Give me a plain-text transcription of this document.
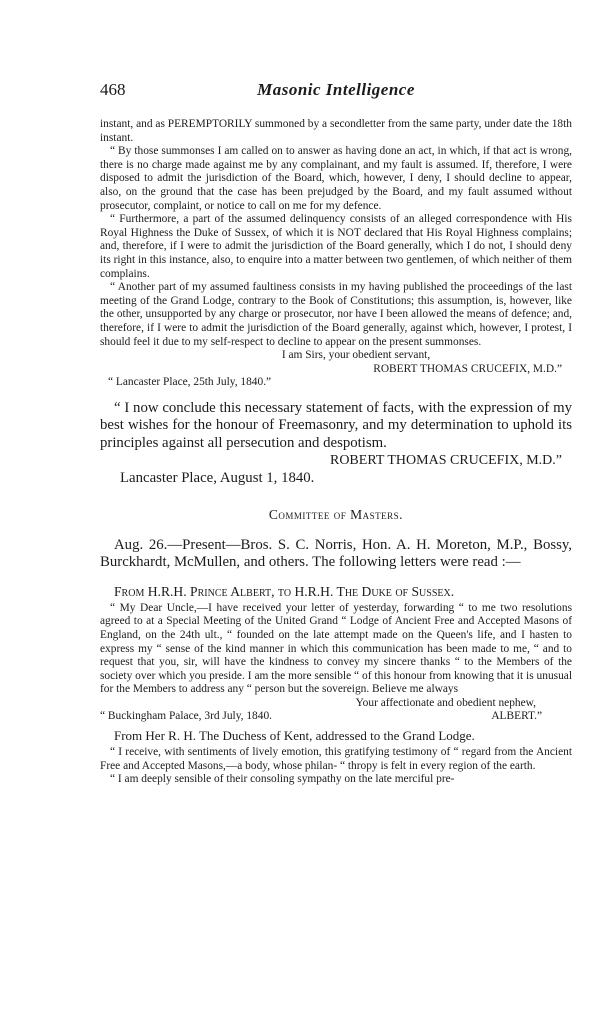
468	Masonic Intelligence

instant, and as PEREMPTORILY summoned by a secondletter from the same party, under date the 18th instant.

“ By those summonses I am called on to answer as having done an act, in which, if that act is wrong, there is no charge made against me by any complainant, and my fault is assumed. If, therefore, I were disposed to admit the jurisdiction of the Board, which, however, I deny, I should decline to appear, also, on the ground that the case has been prejudged by the Board, and my fault assumed without prosecutor, complaint, or notice to call on me for my defence.

“ Furthermore, a part of the assumed delinquency consists of an alleged correspondence with His Royal Highness the Duke of Sussex, of which it is NOT declared that His Royal Highness complains; and, therefore, if I were to admit the jurisdiction of the Board generally, which I do not, I should deny its right in this instance, also, to enquire into a matter between two gentlemen, of which neither of them complains.

“ Another part of my assumed faultiness consists in my having published the proceedings of the last meeting of the Grand Lodge, contrary to the Book of Constitutions; this assumption, is, however, like the other, unsupported by any charge or prosecutor, nor have I been allowed the means of defence; and, therefore, if I were to admit the jurisdiction of the Board generally, against which, however, I protest, I should feel it due to my self-respect to decline to appear on the present summonses.

I am Sirs, your obedient servant,
ROBERT THOMAS CRUCEFIX, M.D.”
“ Lancaster Place, 25th July, 1840.”

“ I now conclude this necessary statement of facts, with the expression of my best wishes for the honour of Freemasonry, and my determination to uphold its principles against all persecution and despotism.

ROBERT THOMAS CRUCEFIX, M.D.”
Lancaster Place, August 1, 1840.
Committee of Masters.

Aug. 26.—Present—Bros. S. C. Norris, Hon. A. H. Moreton, M.P., Bossy, Burckhardt, McMullen, and others. The following letters were read :—

From H.R.H. Prince Albert, to H.R.H. The Duke of Sussex.

“ My Dear Uncle,—I have received your letter of yesterday, forwarding “ to me two resolutions agreed to at a Special Meeting of the United Grand “ Lodge of Ancient Free and Accepted Masons of England, on the 24th ult., “ founded on the late attempt made on the Queen's life, and I hasten to express my “ sense of the kind manner in which this communication has been made to me, “ and to request that you, sir, will have the kindness to convey my sincere thanks “ to the Members of the society over which you preside. I am the more sensible “ of this honour from knowing that it is unusual for the Members to address any “ person but the sovereign. Believe me always

Your affectionate and obedient nephew,
“ Buckingham Palace, 3rd July, 1840.	ALBERT.”
From Her R. H. The Duchess of Kent, addressed to the Grand Lodge.

“ I receive, with sentiments of lively emotion, this gratifying testimony of “ regard from the Ancient Free and Accepted Masons,—a body, whose philan- “ thropy is felt in every region of the earth.

“ I am deeply sensible of their consoling sympathy on the late merciful pre-
